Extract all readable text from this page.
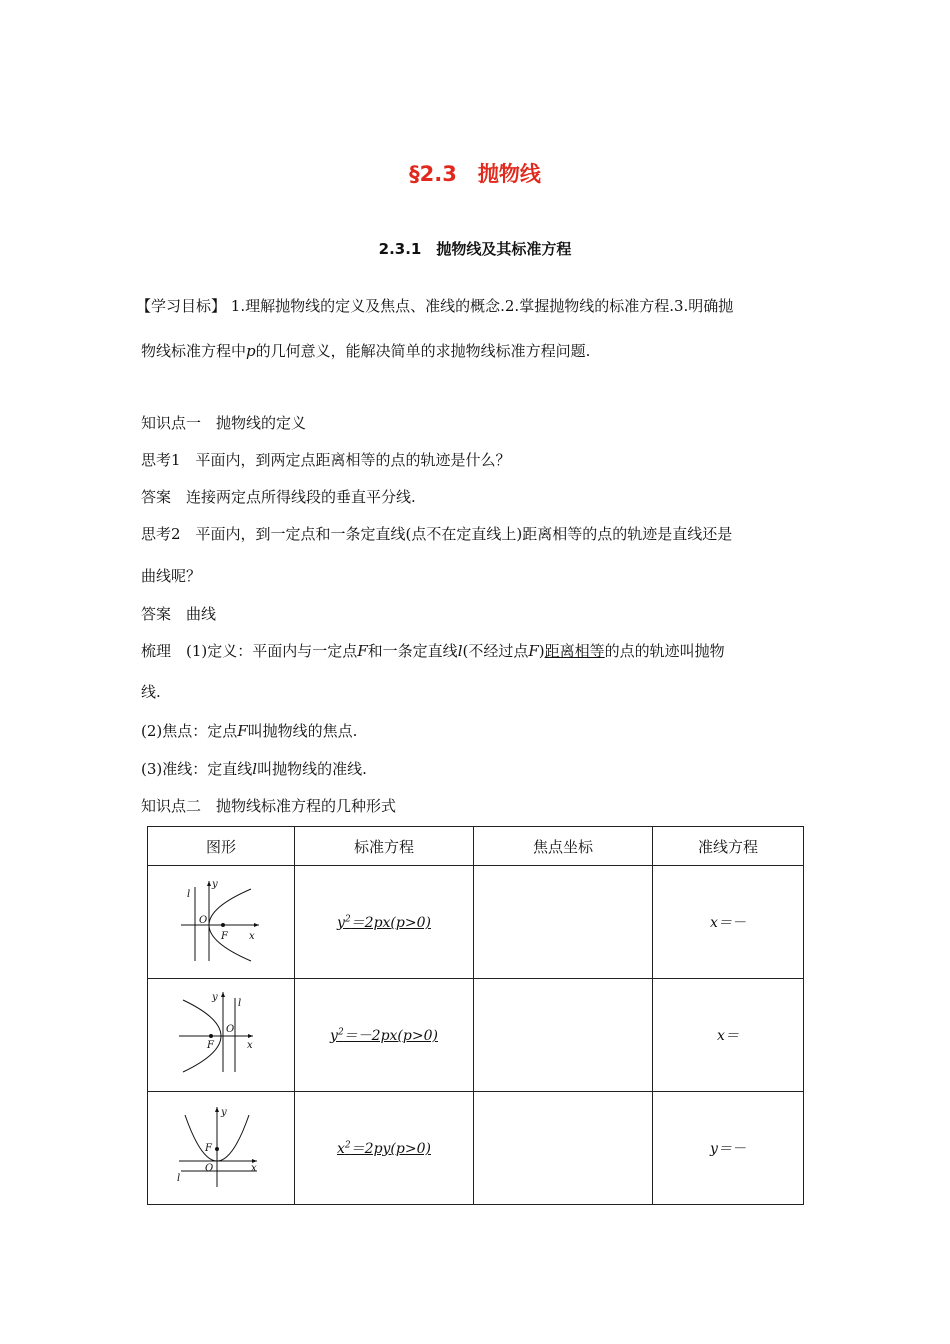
§2.3　抛物线
2.3.1　抛物线及其标准方程
【学习目标】 1.理解抛物线的定义及焦点、准线的概念.2.掌握抛物线的标准方程.3.明确抛
物线标准方程中p的几何意义，能解决简单的求抛物线标准方程问题.
知识点一　抛物线的定义
思考1　平面内，到两定点距离相等的点的轨迹是什么？
答案　连接两定点所得线段的垂直平分线.
思考2　平面内，到一定点和一条定直线(点不在定直线上)距离相等的点的轨迹是直线还是
曲线呢？
答案　曲线
梳理　(1)定义：平面内与一定点F和一条定直线l(不经过点F)距离相等的点的轨迹叫抛物
线.
(2)焦点：定点F叫抛物线的焦点.
(3)准线：定直线l叫抛物线的准线.
知识点二　抛物线标准方程的几种形式
图形	标准方程	焦点坐标	准线方程

l
y
O
F x	$y^2=2px(p>0)$		x＝－

y
l
O
F x	$y^2=-2px(p>0)$		x＝

y
F
O x
l	$x^2=2py(p>0)$		y＝－
